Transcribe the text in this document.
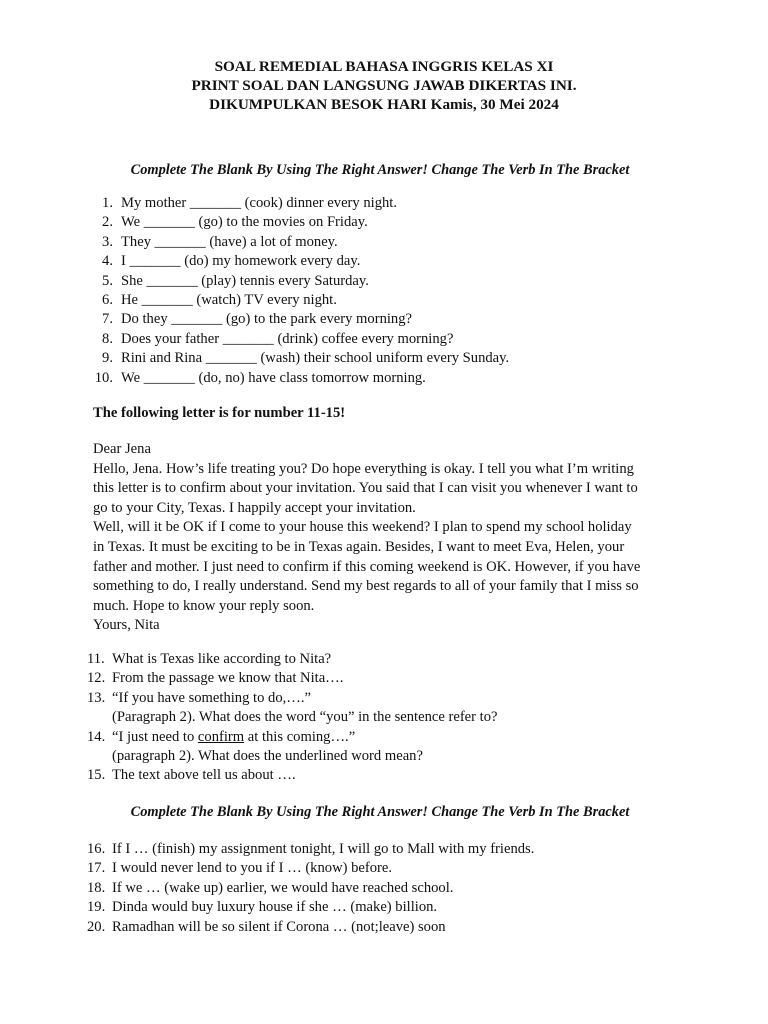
SOAL REMEDIAL BAHASA INGGRIS KELAS XI
PRINT SOAL DAN LANGSUNG JAWAB DIKERTAS INI.
DIKUMPULKAN BESOK HARI Kamis, 30 Mei 2024
Complete The Blank By Using The Right Answer! Change The Verb In The Bracket
1. My mother _______ (cook) dinner every night.
2. We _______ (go) to the movies on Friday.
3. They _______ (have) a lot of money.
4. I _______ (do) my homework every day.
5. She _______ (play) tennis every Saturday.
6. He _______ (watch) TV every night.
7. Do they _______ (go) to the park every morning?
8. Does your father _______ (drink) coffee every morning?
9. Rini and Rina _______ (wash) their school uniform every Sunday.
10. We _______ (do, no) have class tomorrow morning.
The following letter is for number 11-15!
Dear Jena
Hello, Jena. How’s life treating you? Do hope everything is okay. I tell you what I’m writing
this letter is to confirm about your invitation. You said that I can visit you whenever I want to
go to your City, Texas. I happily accept your invitation.
Well, will it be OK if I come to your house this weekend? I plan to spend my school holiday
in Texas. It must be exciting to be in Texas again. Besides, I want to meet Eva, Helen, your
father and mother. I just need to confirm if this coming weekend is OK. However, if you have
something to do, I really understand. Send my best regards to all of your family that I miss so
much. Hope to know your reply soon.
Yours, Nita
11. What is Texas like according to Nita?
12. From the passage we know that Nita….
13. “If you have something to do,….”
(Paragraph 2). What does the word “you” in the sentence refer to?
14. “I just need to confirm at this coming….”
(paragraph 2). What does the underlined word mean?
15. The text above tell us about ….
Complete The Blank By Using The Right Answer! Change The Verb In The Bracket
16. If I … (finish) my assignment tonight, I will go to Mall with my friends.
17. I would never lend to you if I … (know) before.
18. If we … (wake up) earlier, we would have reached school.
19. Dinda would buy luxury house if she … (make) billion.
20. Ramadhan will be so silent if Corona … (not;leave) soon
